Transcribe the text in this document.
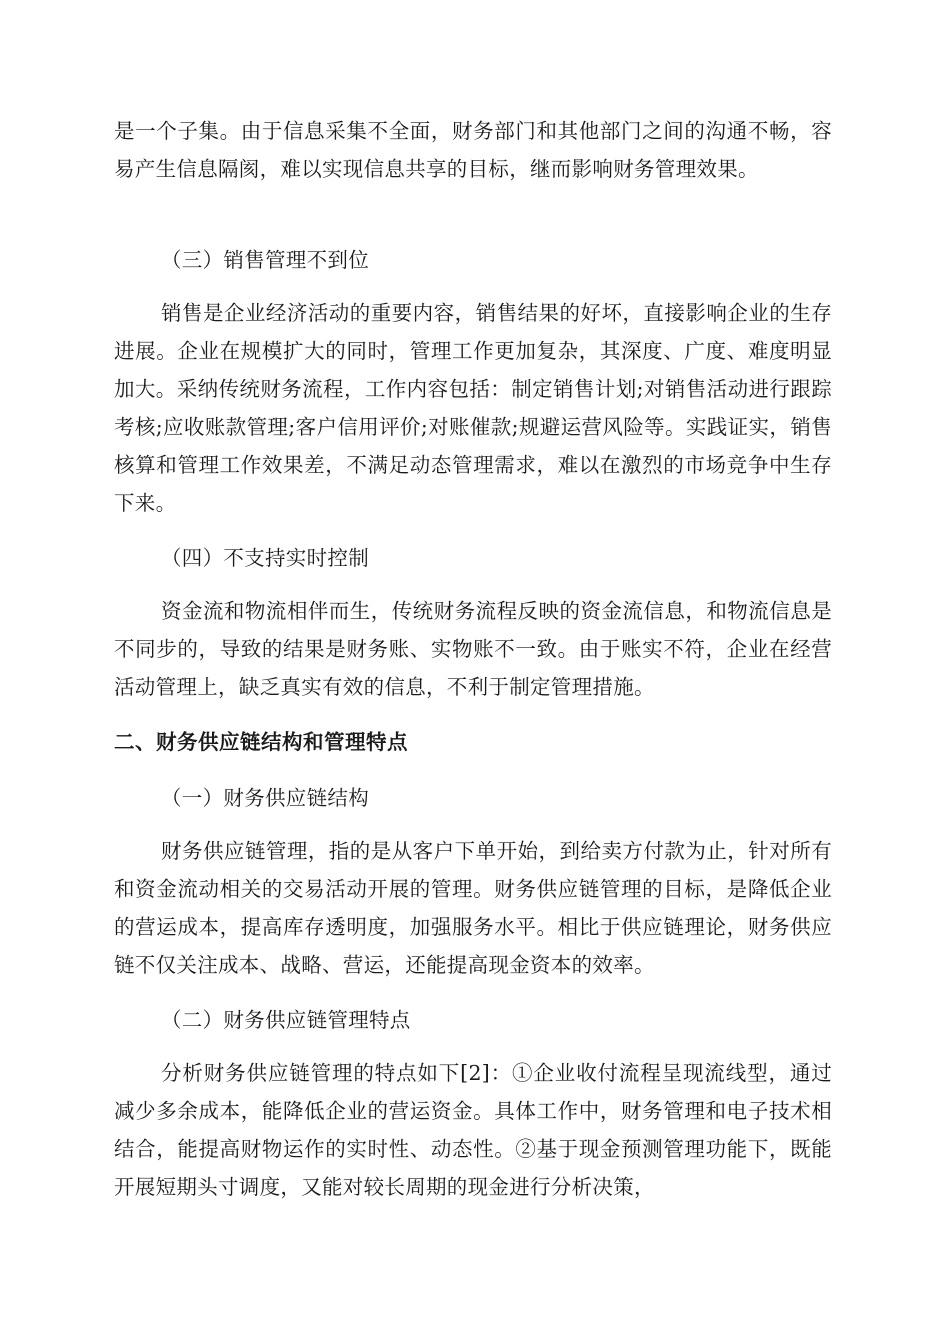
是一个子集。由于信息采集不全面，财务部门和其他部门之间的沟通不畅，容易产生信息隔阂，难以实现信息共享的目标，继而影响财务管理效果。

（三）销售管理不到位

销售是企业经济活动的重要内容，销售结果的好坏，直接影响企业的生存进展。企业在规模扩大的同时，管理工作更加复杂，其深度、广度、难度明显加大。采纳传统财务流程，工作内容包括：制定销售计划;对销售活动进行跟踪考核;应收账款管理;客户信用评价;对账催款;规避运营风险等。实践证实，销售核算和管理工作效果差，不满足动态管理需求，难以在激烈的市场竞争中生存下来。

（四）不支持实时控制

资金流和物流相伴而生，传统财务流程反映的资金流信息，和物流信息是不同步的，导致的结果是财务账、实物账不一致。由于账实不符，企业在经营活动管理上，缺乏真实有效的信息，不利于制定管理措施。

二、财务供应链结构和管理特点

（一）财务供应链结构

财务供应链管理，指的是从客户下单开始，到给卖方付款为止，针对所有和资金流动相关的交易活动开展的管理。财务供应链管理的目标，是降低企业的营运成本，提高库存透明度，加强服务水平。相比于供应链理论，财务供应链不仅关注成本、战略、营运，还能提高现金资本的效率。

（二）财务供应链管理特点

分析财务供应链管理的特点如下[2]：①企业收付流程呈现流线型，通过减少多余成本，能降低企业的营运资金。具体工作中，财务管理和电子技术相结合，能提高财物运作的实时性、动态性。②基于现金预测管理功能下，既能开展短期头寸调度，又能对较长周期的现金进行分析决策，
